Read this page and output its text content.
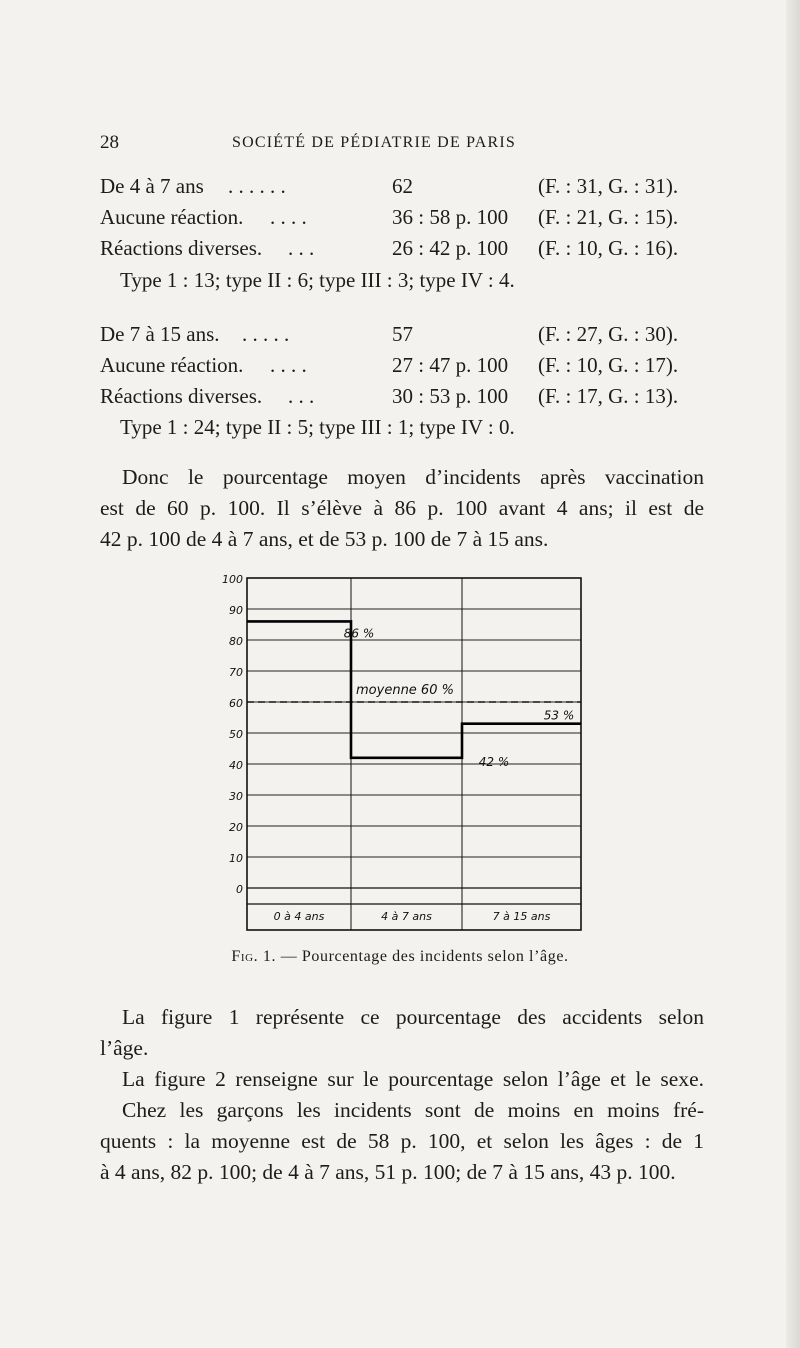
28	SOCIÉTÉ DE PÉDIATRIE DE PARIS
De 4 à 7 ans . . . . . .	62	(F. : 31, G. : 31).
Aucune réaction. . . . .	36 : 58 p. 100 (F. : 21, G. : 15).
Réactions diverses. . . .	26 : 42 p. 100 (F. : 10, G. : 16).
Type 1 : 13; type II : 6; type III : 3; type IV : 4.
De 7 à 15 ans. . . . . .	57	(F. : 27, G. : 30).
Aucune réaction. . . . .	27 : 47 p. 100 (F. : 10, G. : 17).
Réactions diverses. . . .	30 : 53 p. 100 (F. : 17, G. : 13).
Type 1 : 24; type II : 5; type III : 1; type IV : 0.
Donc le pourcentage moyen d’incidents après vaccination
est de 60 p. 100. Il s’élève à 86 p. 100 avant 4 ans; il est de
42 p. 100 de 4 à 7 ans, et de 53 p. 100 de 7 à 15 ans.
0
10
20
30
40
50
60
70
80
90
100
0 à 4 ans	4 à 7 ans	7 à 15 ans
moyenne 60 %
86 %
42 %
53 %
Fig. 1. — Pourcentage des incidents selon l’âge.
La figure 1 représente ce pourcentage des accidents selon
l’âge.
La figure 2 renseigne sur le pourcentage selon l’âge et le sexe.
Chez les garçons les incidents sont de moins en moins fré-
quents : la moyenne est de 58 p. 100, et selon les âges : de 1
à 4 ans, 82 p. 100; de 4 à 7 ans, 51 p. 100; de 7 à 15 ans, 43 p. 100.
